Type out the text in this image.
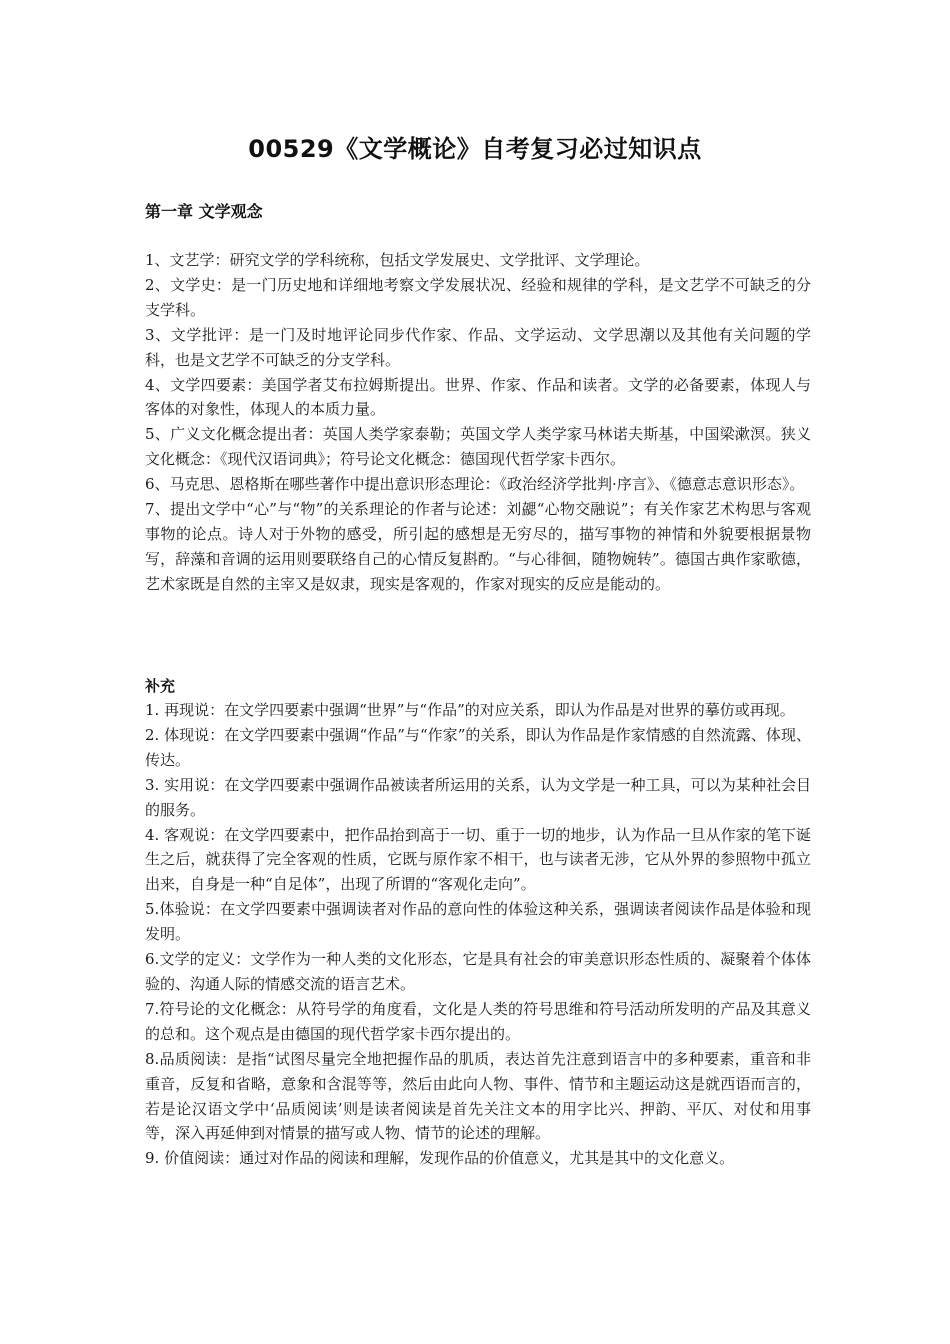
00529《文学概论》自考复习必过知识点
第一章 文学观念

1、文艺学：研究文学的学科统称，包括文学发展史、文学批评、文学理论。

2、文学史：是一门历史地和详细地考察文学发展状况、经验和规律的学科，是文艺学不可缺乏的分支学科。

3、文学批评：是一门及时地评论同步代作家、作品、文学运动、文学思潮以及其他有关问题的学科，也是文艺学不可缺乏的分支学科。

4、文学四要素：美国学者艾布拉姆斯提出。世界、作家、作品和读者。文学的必备要素，体现人与客体的对象性，体现人的本质力量。

5、广义文化概念提出者：英国人类学家泰勒；英国文学人类学家马林诺夫斯基，中国梁漱溟。狭义文化概念：《现代汉语词典》；符号论文化概念：德国现代哲学家卡西尔。

6、马克思、恩格斯在哪些著作中提出意识形态理论：《政治经济学批判·序言》、《德意志意识形态》。

7、提出文学中“心”与“物”的关系理论的作者与论述：刘勰“心物交融说”；有关作家艺术构思与客观事物的论点。诗人对于外物的感受，所引起的感想是无穷尽的，描写事物的神情和外貌要根据景物写，辞藻和音调的运用则要联络自己的心情反复斟酌。“与心徘徊，随物婉转”。德国古典作家歌德，艺术家既是自然的主宰又是奴隶，现实是客观的，作家对现实的反应是能动的。

补充

1. 再现说：在文学四要素中强调“世界”与“作品”的对应关系，即认为作品是对世界的摹仿或再现。

2. 体现说：在文学四要素中强调“作品”与“作家”的关系，即认为作品是作家情感的自然流露、体现、传达。

3. 实用说：在文学四要素中强调作品被读者所运用的关系，认为文学是一种工具，可以为某种社会目的服务。

4. 客观说：在文学四要素中，把作品抬到高于一切、重于一切的地步，认为作品一旦从作家的笔下诞生之后，就获得了完全客观的性质，它既与原作家不相干，也与读者无涉，它从外界的参照物中孤立出来，自身是一种“自足体”，出现了所谓的“客观化走向”。

5.体验说：在文学四要素中强调读者对作品的意向性的体验这种关系，强调读者阅读作品是体验和现发明。

6.文学的定义：文学作为一种人类的文化形态，它是具有社会的审美意识形态性质的、凝聚着个体体验的、沟通人际的情感交流的语言艺术。

7.符号论的文化概念：从符号学的角度看，文化是人类的符号思维和符号活动所发明的产品及其意义的总和。这个观点是由德国的现代哲学家卡西尔提出的。

8.品质阅读：是指“试图尽量完全地把握作品的肌质，表达首先注意到语言中的多种要素，重音和非重音，反复和省略，意象和含混等等，然后由此向人物、事件、情节和主题运动这是就西语而言的，若是论汉语文学中‘品质阅读’则是读者阅读是首先关注文本的用字比兴、押韵、平仄、对仗和用事等，深入再延伸到对情景的描写或人物、情节的论述的理解。

9. 价值阅读：通过对作品的阅读和理解，发现作品的价值意义，尤其是其中的文化意义。
